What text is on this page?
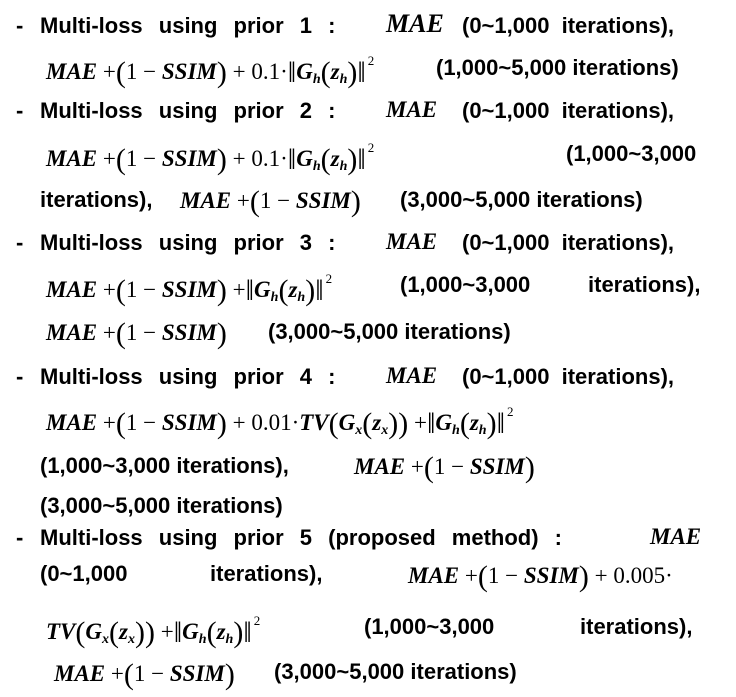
- Multi-loss using prior 1 : MAE (0~1,000 iterations),
MAE +(1 − SSIM) + $0.1\cdot‖G_h(z_h)‖$ $^2$	(1,000~5,000 iterations)
- Multi-loss using prior 2 : MAE (0~1,000 iterations),
MAE +(1 − SSIM) + $0.1\cdot‖G_h(z_h)‖$ $^2$	(1,000~3,000
iterations), MAE +(1 − SSIM) (3,000~5,000 iterations)
- Multi-loss using prior 3 : MAE (0~1,000 iterations),
MAE +(1 − SSIM) $+‖G_h(z_h)‖$ $^2$	(1,000~3,000	iterations),
MAE +(1 − SSIM) (3,000~5,000 iterations)
- Multi-loss using prior 4 : MAE (0~1,000 iterations),
MAE +(1 − SSIM) + $0.01\cdot TV(G_x(z_x))$ $+‖G_h(z_h)‖$ $^2$
(1,000~3,000 iterations),	MAE +(1 − SSIM)
(3,000~5,000 iterations)
- Multi-loss using prior 5 (proposed method) :	MAE
(0~1,000	iterations),	MAE +(1 − SSIM) + 0.005·
$TV(G_x(z_x))$ $+‖G_h(z_h)‖$ $^2$	(1,000~3,000	iterations),
MAE +(1 − SSIM) (3,000~5,000 iterations)
